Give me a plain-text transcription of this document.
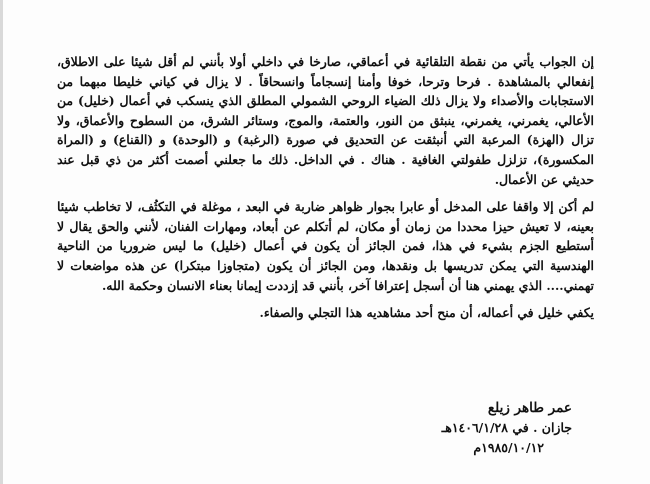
إن الجواب يأتي من نقطة التلقائية في أعماقي، صارخا في داخلي أولا بأنني لم أقل شيئا على الاطلاق، إنفعالي بالمشاهدة . فرحا وترحا، خوفا وأمنا إنسجاماً وانسحاقاً . لا يزال في كياني خليطا مبهما من الاستجابات والأصداء ولا يزال ذلك الضياء الروحي الشمولي المطلق الذي ينسكب في أعمال (خليل) من الأعالي، يغمرني، يغمرني، ينبثق من النور، والعتمة، والموج، وستائر الشرق، من السطوح والأعماق، ولا تزال (الهزة) المرعبة التي أنبثقت عن التحديق في صورة (الرغبة) و (الوحدة) و (القناع) و (المراة المكسورة)، تزلزل طفولتي الغافية . هناك . في الداخل. ذلك ما جعلني أصمت أكثر من ذي قبل عند حديثي عن الأعمال.

لم أكن إلا واقفا على المدخل أو عابرا بجوار ظواهر ضاربة في البعد ، موغلة في التكثُف، لا تخاطب شيئا بعينه، لا تعيش حيزا محددا من زمان أو مكان، لم أتكلم عن أبعاد، ومهارات الفنان، لأنني والحق يقال لا أستطيع الجزم بشيء في هذا، فمن الجائز أن يكون في أعمال (خليل) ما ليس ضروريا من الناحية الهندسية التي يمكن تدريسها بل ونقدها، ومن الجائز أن يكون (متجاوزا مبتكرا) عن هذه مواضعات لا تهمني.... الذي يهمني هنا أن أسجل إعترافا آخر، بأنني قد إزددت إيمانا بعناء الانسان وحكمة الله.

يكفي خليل في أعماله، أن منح أحد مشاهديه هذا التجلي والصفاء.

عمر طاهر زيلع
جازان . في ١٤٠٦/١/٢٨هـ
١٩٨٥/١٠/١٢م
